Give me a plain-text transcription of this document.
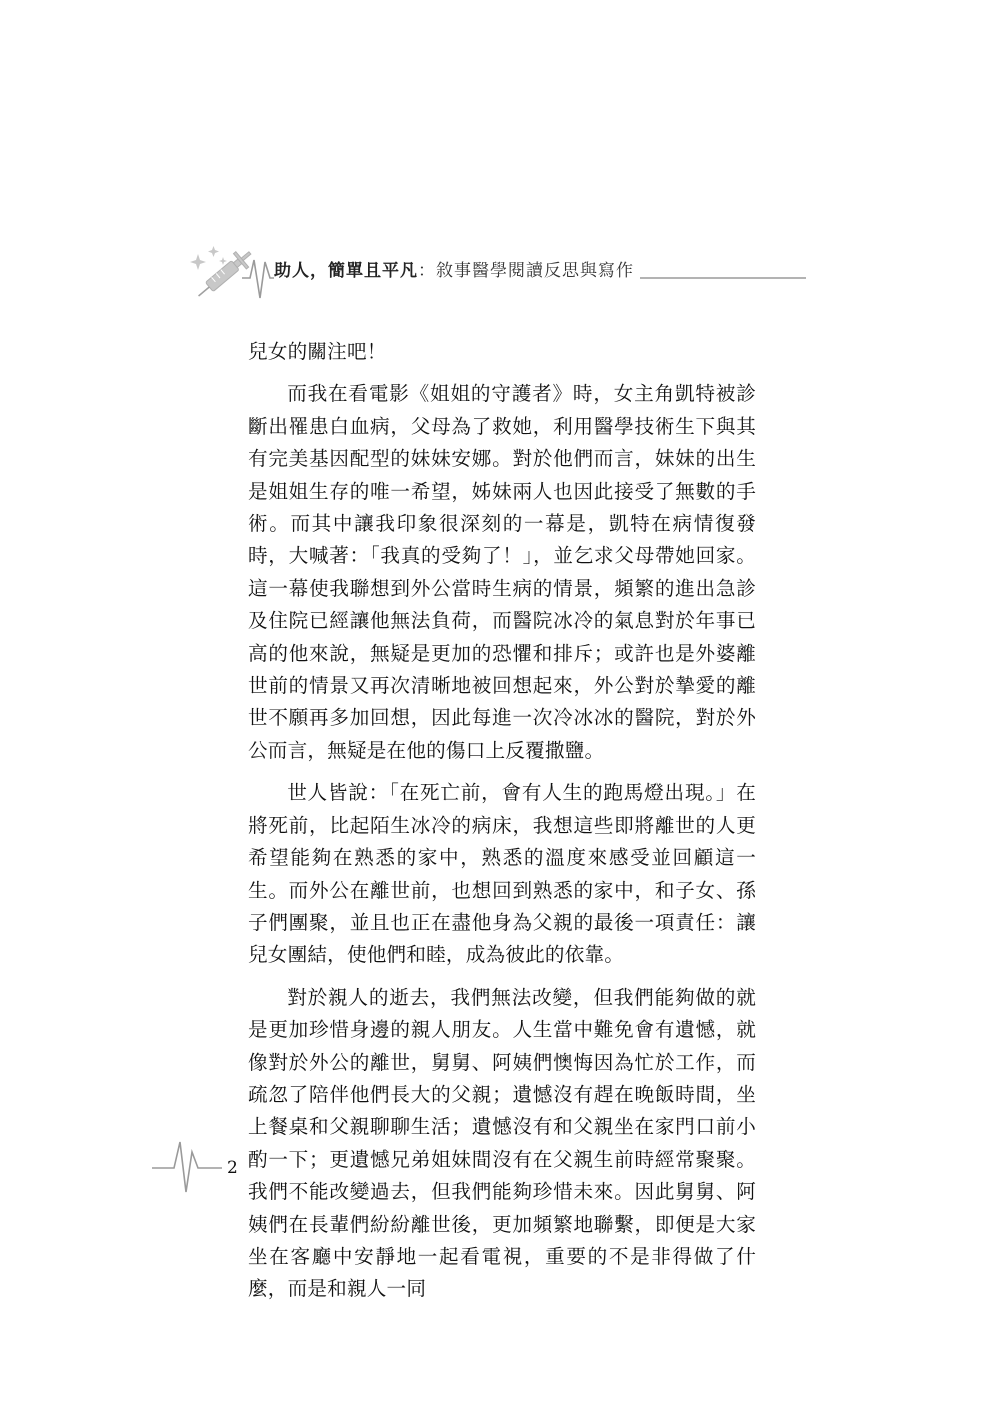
助人，簡單且平凡：敘事醫學閱讀反思與寫作

兒女的關注吧！

而我在看電影《姐姐的守護者》時，女主角凱特被診斷出罹患白血病，父母為了救她，利用醫學技術生下與其有完美基因配型的妹妹安娜。對於他們而言，妹妹的出生是姐姐生存的唯一希望，姊妹兩人也因此接受了無數的手術。而其中讓我印象很深刻的一幕是，凱特在病情復發時，大喊著：「我真的受夠了！」，並乞求父母帶她回家。這一幕使我聯想到外公當時生病的情景，頻繁的進出急診及住院已經讓他無法負荷，而醫院冰冷的氣息對於年事已高的他來說，無疑是更加的恐懼和排斥；或許也是外婆離世前的情景又再次清晰地被回想起來，外公對於摯愛的離世不願再多加回想，因此每進一次冷冰冰的醫院，對於外公而言，無疑是在他的傷口上反覆撒鹽。

世人皆說：「在死亡前，會有人生的跑馬燈出現。」在將死前，比起陌生冰冷的病床，我想這些即將離世的人更希望能夠在熟悉的家中，熟悉的溫度來感受並回顧這一生。而外公在離世前，也想回到熟悉的家中，和子女、孫子們團聚，並且也正在盡他身為父親的最後一項責任：讓兒女團結，使他們和睦，成為彼此的依靠。

對於親人的逝去，我們無法改變，但我們能夠做的就是更加珍惜身邊的親人朋友。人生當中難免會有遺憾，就像對於外公的離世，舅舅、阿姨們懊悔因為忙於工作，而疏忽了陪伴他們長大的父親；遺憾沒有趕在晚飯時間，坐上餐桌和父親聊聊生活；遺憾沒有和父親坐在家門口前小酌一下；更遺憾兄弟姐妹間沒有在父親生前時經常聚聚。我們不能改變過去，但我們能夠珍惜未來。因此舅舅、阿姨們在長輩們紛紛離世後，更加頻繁地聯繫，即便是大家坐在客廳中安靜地一起看電視，重要的不是非得做了什麼，而是和親人一同

2
